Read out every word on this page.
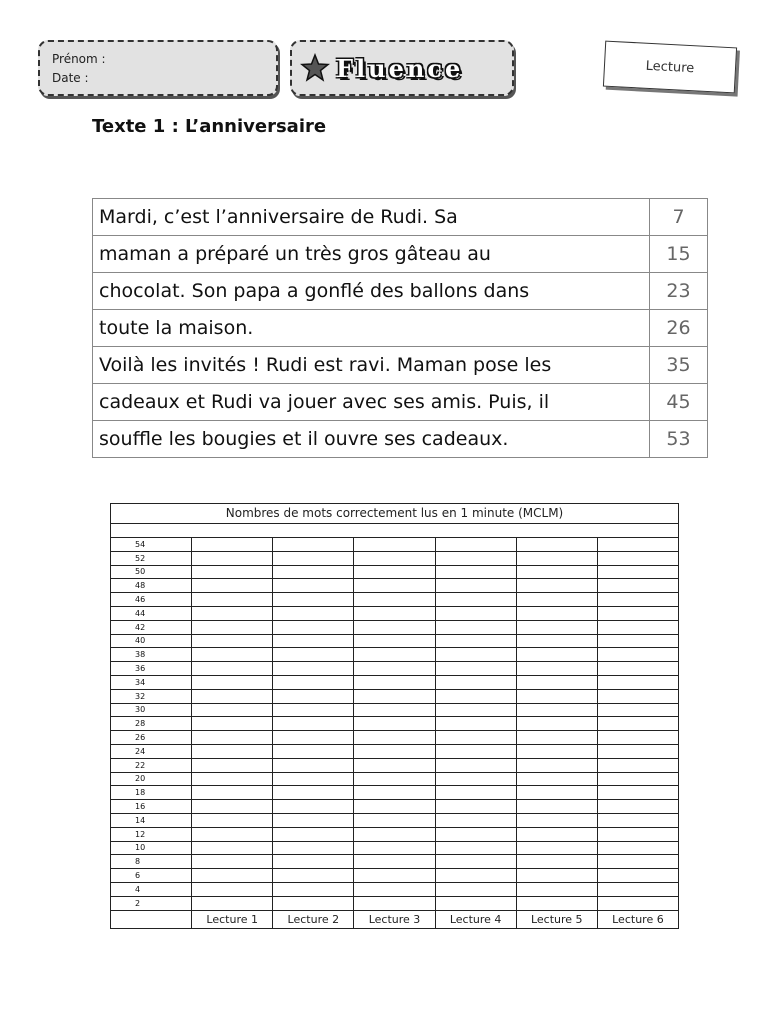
Prénom :
Date :	Fluence	Lecture
Texte 1 : L’anniversaire
Mardi, c’est l’anniversaire de Rudi. Sa	7
maman a préparé un très gros gâteau au	15
chocolat. Son papa a gonflé des ballons dans	23
toute la maison.	26
Voilà les invités ! Rudi est ravi. Maman pose les	35
cadeaux et Rudi va jouer avec ses amis. Puis, il	45
souffle les bougies et il ouvre ses cadeaux.	53
Nombres de mots correctement lus en 1 minute (MCLM)						

54						
52						
50						
48						
46						
44						
42						
40						
38						
36						
34						
32						
30						
28						
26						
24						
22						
20						
18						
16						
14						
12						
10						
8						
6						
4						
2						
	Lecture 1	Lecture 2	Lecture 3	Lecture 4	Lecture 5	Lecture 6
